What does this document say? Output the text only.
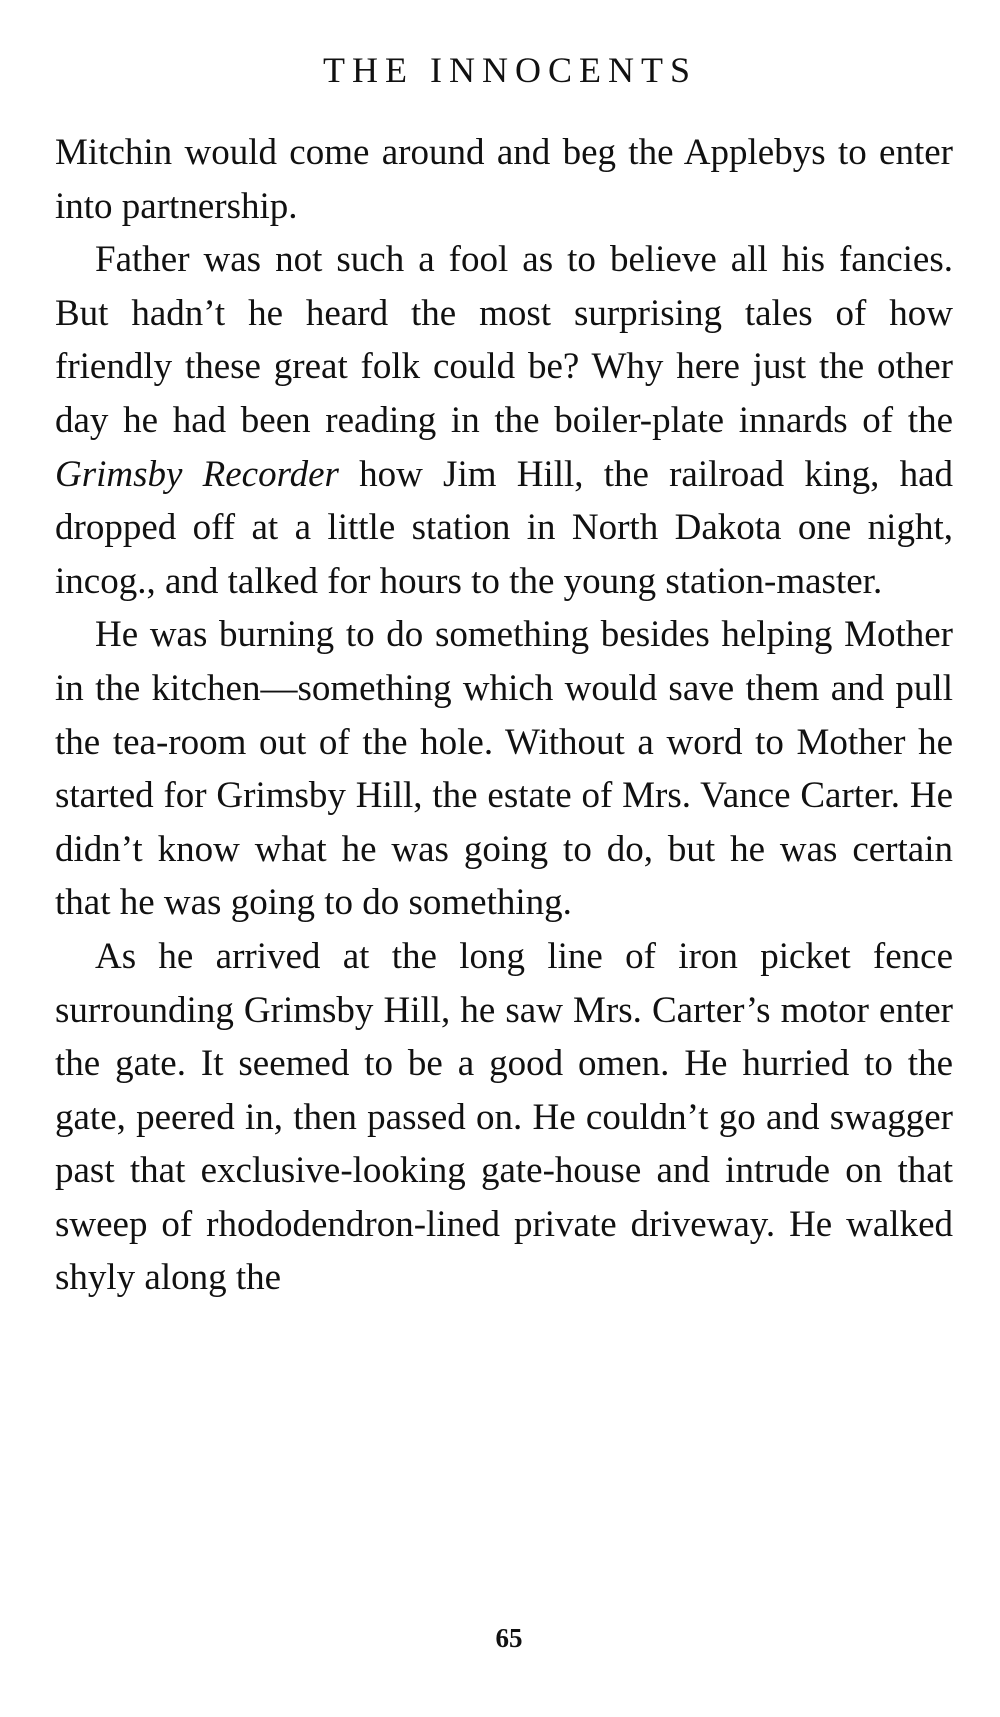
THE INNOCENTS

Mitchin would come around and beg the Applebys to enter into partnership.

Father was not such a fool as to believe all his fancies. But hadn’t he heard the most surprising tales of how friendly these great folk could be? Why here just the other day he had been reading in the boiler-plate innards of the Grimsby Recorder how Jim Hill, the railroad king, had dropped off at a little station in North Dakota one night, incog., and talked for hours to the young station-master.

He was burning to do something besides helping Mother in the kitchen—something which would save them and pull the tea-room out of the hole. Without a word to Mother he started for Grimsby Hill, the estate of Mrs. Vance Carter. He didn’t know what he was going to do, but he was certain that he was going to do something.

As he arrived at the long line of iron picket fence surrounding Grimsby Hill, he saw Mrs. Carter’s motor enter the gate. It seemed to be a good omen. He hurried to the gate, peered in, then passed on. He couldn’t go and swagger past that exclusive-looking gate-house and intrude on that sweep of rhododendron-lined private driveway. He walked shyly along the

65
